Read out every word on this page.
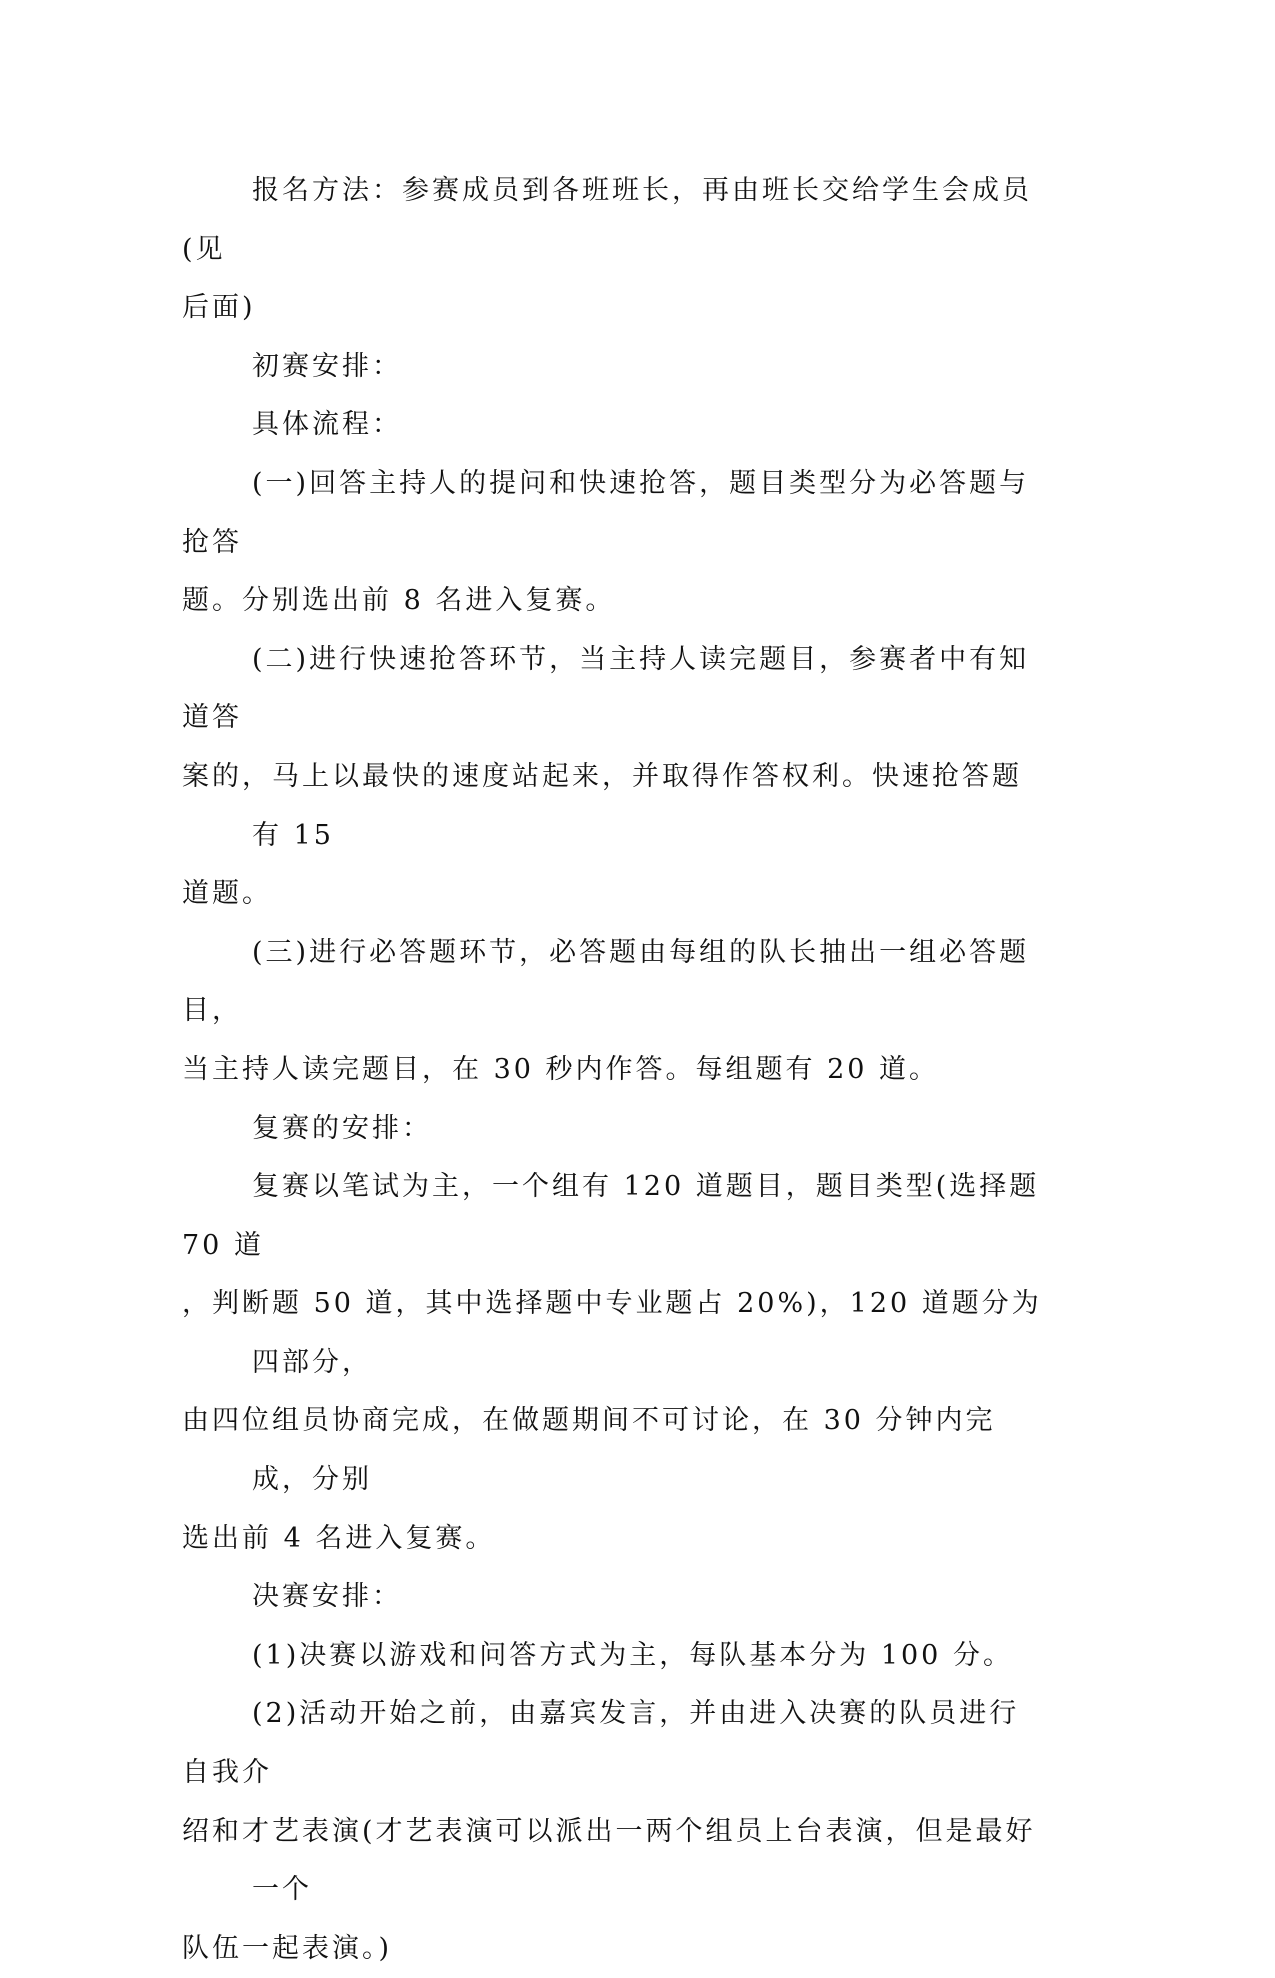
报名方法：参赛成员到各班班长，再由班长交给学生会成员(见
后面)

初赛安排：

具体流程：

(一)回答主持人的提问和快速抢答，题目类型分为必答题与抢答
题。分别选出前 8 名进入复赛。

(二)进行快速抢答环节，当主持人读完题目，参赛者中有知道答
案的，马上以最快的速度站起来，并取得作答权利。快速抢答题有 15
道题。

(三)进行必答题环节，必答题由每组的队长抽出一组必答题目，
当主持人读完题目，在 30 秒内作答。每组题有 20 道。

复赛的安排：

复赛以笔试为主，一个组有 120 道题目，题目类型(选择题 70 道
，判断题 50 道，其中选择题中专业题占 20%)，120 道题分为四部分，
由四位组员协商完成，在做题期间不可讨论，在 30 分钟内完成，分别
选出前 4 名进入复赛。

决赛安排：

(1)决赛以游戏和问答方式为主，每队基本分为 100 分。

(2)活动开始之前，由嘉宾发言，并由进入决赛的队员进行自我介
绍和才艺表演(才艺表演可以派出一两个组员上台表演，但是最好一个
队伍一起表演。)
